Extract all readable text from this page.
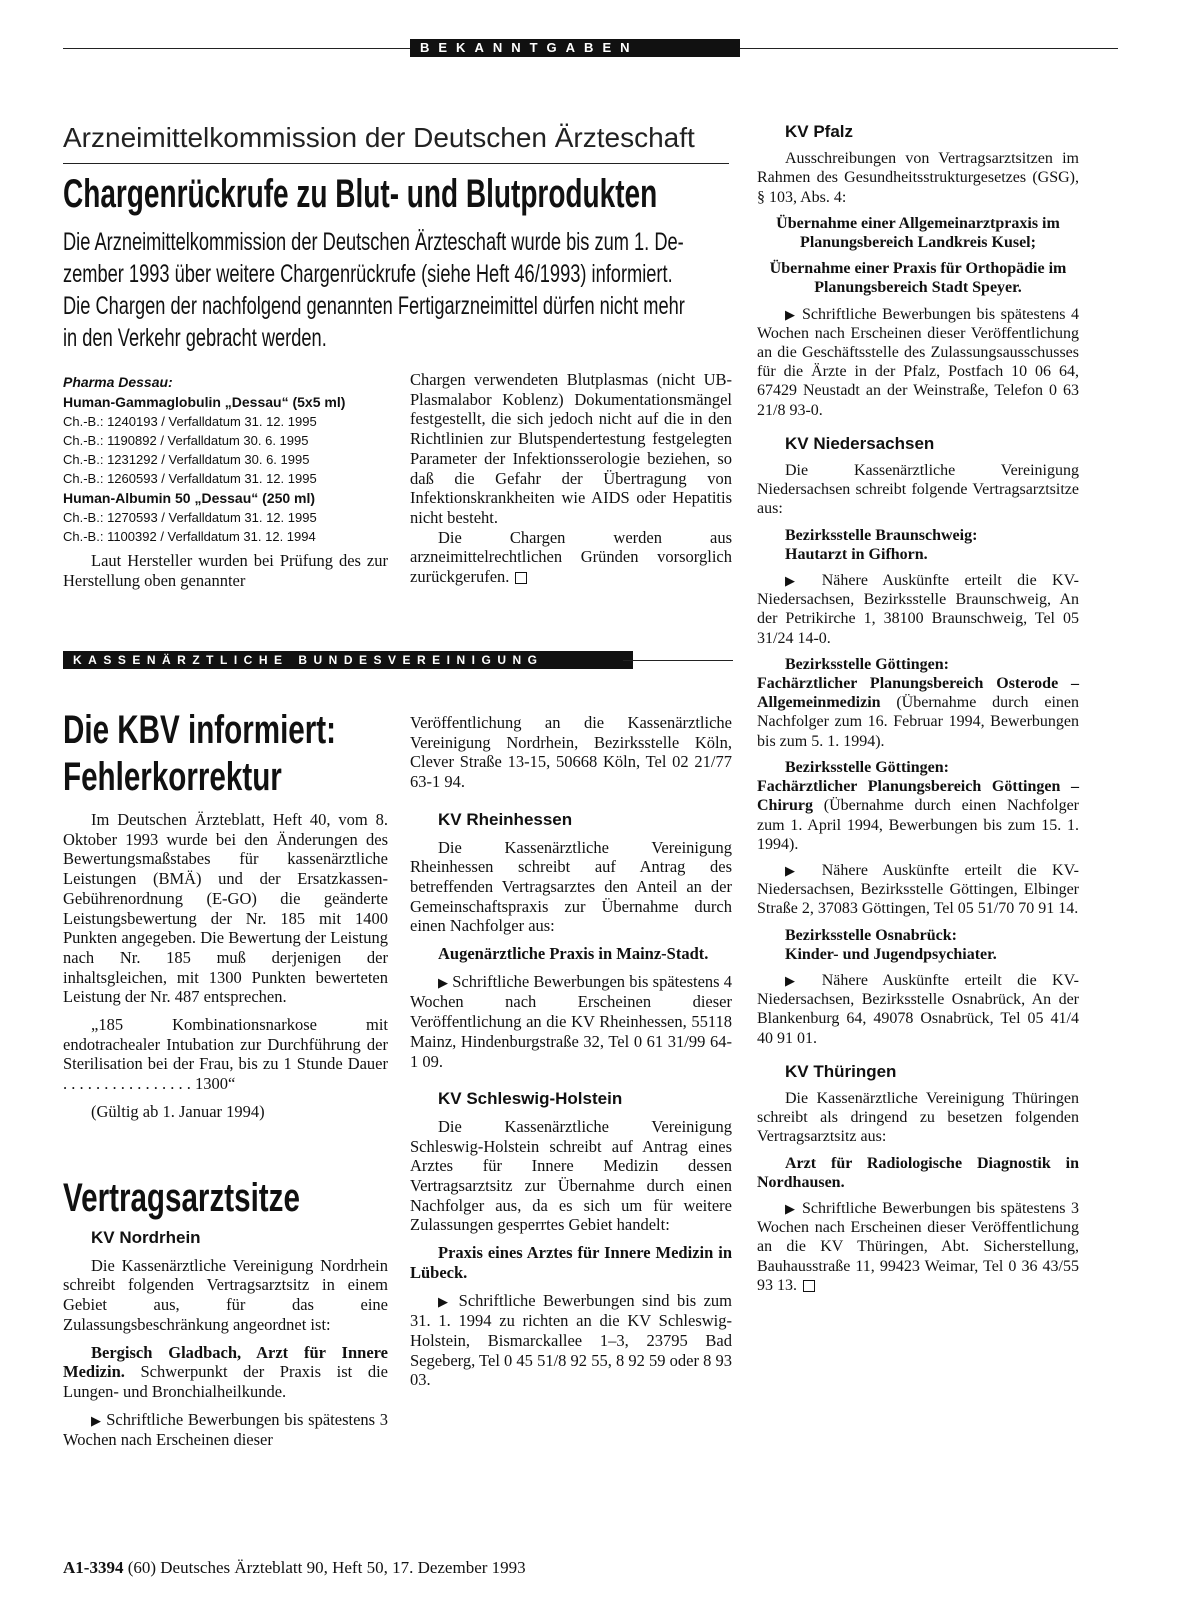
BEKANNTGABEN
Arzneimittelkommission der Deutschen Ärzteschaft
Chargenrückrufe zu Blut- und Blutprodukten
Die Arzneimittelkommission der Deutschen Ärzteschaft wurde bis zum 1. De-
zember 1993 über weitere Chargenrückrufe (siehe Heft 46/1993) informiert.
Die Chargen der nachfolgend genannten Fertigarzneimittel dürfen nicht mehr
in den Verkehr gebracht werden.
Pharma Dessau:
Human-Gammaglobulin „Dessau“ (5x5 ml)
Ch.-B.: 1240193 / Verfalldatum 31. 12. 1995
Ch.-B.: 1190892 / Verfalldatum 30. 6. 1995
Ch.-B.: 1231292 / Verfalldatum 30. 6. 1995
Ch.-B.: 1260593 / Verfalldatum 31. 12. 1995
Human-Albumin 50 „Dessau“ (250 ml)
Ch.-B.: 1270593 / Verfalldatum 31. 12. 1995
Ch.-B.: 1100392 / Verfalldatum 31. 12. 1994
Laut Hersteller wurden bei Prüfung des zur Herstellung oben genannter

Chargen verwendeten Blutplasmas (nicht UB-Plasmalabor Koblenz) Dokumentationsmängel festgestellt, die sich jedoch nicht auf die in den Richtlinien zur Blutspendertestung festgelegten Parameter der Infektionsserologie beziehen, so daß die Gefahr der Übertragung von Infektionskrankheiten wie AIDS oder Hepatitis nicht besteht.

Die Chargen werden aus arzneimittelrechtlichen Gründen vorsorglich zurückgerufen.

KASSENÄRZTLICHE BUNDESVEREINIGUNG
Die KBV informiert:
Fehlerkorrektur

Im Deutschen Ärzteblatt, Heft 40, vom 8. Oktober 1993 wurde bei den Änderungen des Bewertungsmaßstabes für kassenärztliche Leistungen (BMÄ) und der Ersatzkassen-Gebührenordnung (E-GO) die geänderte Leistungsbewertung der Nr. 185 mit 1400 Punkten angegeben. Die Bewertung der Leistung nach Nr. 185 muß derjenigen der inhaltsgleichen, mit 1300 Punkten bewerteten Leistung der Nr. 487 entsprechen.

„185 Kombinationsnarkose mit endotrachealer Intubation zur Durchführung der Sterilisation bei der Frau, bis zu 1 Stunde Dauer . . . . . . . . . . . . . . . . 1300“

(Gültig ab 1. Januar 1994)

Vertragsarztsitze
KV Nordrhein

Die Kassenärztliche Vereinigung Nordrhein schreibt folgenden Vertragsarztsitz in einem Gebiet aus, für das eine Zulassungsbeschränkung angeordnet ist:

Bergisch Gladbach, Arzt für Innere Medizin. Schwerpunkt der Praxis ist die Lungen- und Bronchialheilkunde.

▶ Schriftliche Bewerbungen bis spätestens 3 Wochen nach Erscheinen dieser

Veröffentlichung an die Kassenärztliche Vereinigung Nordrhein, Bezirksstelle Köln, Clever Straße 13-15, 50668 Köln, Tel 02 21/77 63-1 94.

KV Rheinhessen

Die Kassenärztliche Vereinigung Rheinhessen schreibt auf Antrag des betreffenden Vertragsarztes den Anteil an der Gemeinschaftspraxis zur Übernahme durch einen Nachfolger aus:

Augenärztliche Praxis in Mainz-Stadt.

▶ Schriftliche Bewerbungen bis spätestens 4 Wochen nach Erscheinen dieser Veröffentlichung an die KV Rheinhessen, 55118 Mainz, Hindenburgstraße 32, Tel 0 61 31/99 64-1 09.

KV Schleswig-Holstein

Die Kassenärztliche Vereinigung Schleswig-Holstein schreibt auf Antrag eines Arztes für Innere Medizin dessen Vertragsarztsitz zur Übernahme durch einen Nachfolger aus, da es sich um für weitere Zulassungen gesperrtes Gebiet handelt:

Praxis eines Arztes für Innere Medizin in Lübeck.

▶ Schriftliche Bewerbungen sind bis zum 31. 1. 1994 zu richten an die KV Schleswig-Holstein, Bismarckallee 1–3, 23795 Bad Segeberg, Tel 0 45 51/8 92 55, 8 92 59 oder 8 93 03.

KV Pfalz

Ausschreibungen von Vertragsarztsitzen im Rahmen des Gesundheitsstrukturgesetzes (GSG), § 103, Abs. 4:

Übernahme einer Allgemeinarztpraxis im Planungsbereich Landkreis Kusel;

Übernahme einer Praxis für Orthopädie im Planungsbereich Stadt Speyer.

▶ Schriftliche Bewerbungen bis spätestens 4 Wochen nach Erscheinen dieser Veröffentlichung an die Geschäftsstelle des Zulassungsausschusses für die Ärzte in der Pfalz, Postfach 10 06 64, 67429 Neustadt an der Weinstraße, Telefon 0 63 21/8 93-0.

KV Niedersachsen

Die Kassenärztliche Vereinigung Niedersachsen schreibt folgende Vertragsarztsitze aus:

Bezirksstelle Braunschweig:

Hautarzt in Gifhorn.

▶ Nähere Auskünfte erteilt die KV-Niedersachsen, Bezirksstelle Braunschweig, An der Petrikirche 1, 38100 Braunschweig, Tel 05 31/24 14-0.

Bezirksstelle Göttingen:

Fachärztlicher Planungsbereich Osterode – Allgemeinmedizin (Übernahme durch einen Nachfolger zum 16. Februar 1994, Bewerbungen bis zum 5. 1. 1994).

Bezirksstelle Göttingen:

Fachärztlicher Planungsbereich Göttingen – Chirurg (Übernahme durch einen Nachfolger zum 1. April 1994, Bewerbungen bis zum 15. 1. 1994).

▶ Nähere Auskünfte erteilt die KV-Niedersachsen, Bezirksstelle Göttingen, Elbinger Straße 2, 37083 Göttingen, Tel 05 51/70 70 91 14.

Bezirksstelle Osnabrück:

Kinder- und Jugendpsychiater.

▶ Nähere Auskünfte erteilt die KV-Niedersachsen, Bezirksstelle Osnabrück, An der Blankenburg 64, 49078 Osnabrück, Tel 05 41/4 40 91 01.

KV Thüringen

Die Kassenärztliche Vereinigung Thüringen schreibt als dringend zu besetzen folgenden Vertragsarztsitz aus:

Arzt für Radiologische Diagnostik in Nordhausen.

▶ Schriftliche Bewerbungen bis spätestens 3 Wochen nach Erscheinen dieser Veröffentlichung an die KV Thüringen, Abt. Sicherstellung, Bauhausstraße 11, 99423 Weimar, Tel 0 36 43/55 93 13.

A1-3394 (60) Deutsches Ärzteblatt 90, Heft 50, 17. Dezember 1993
